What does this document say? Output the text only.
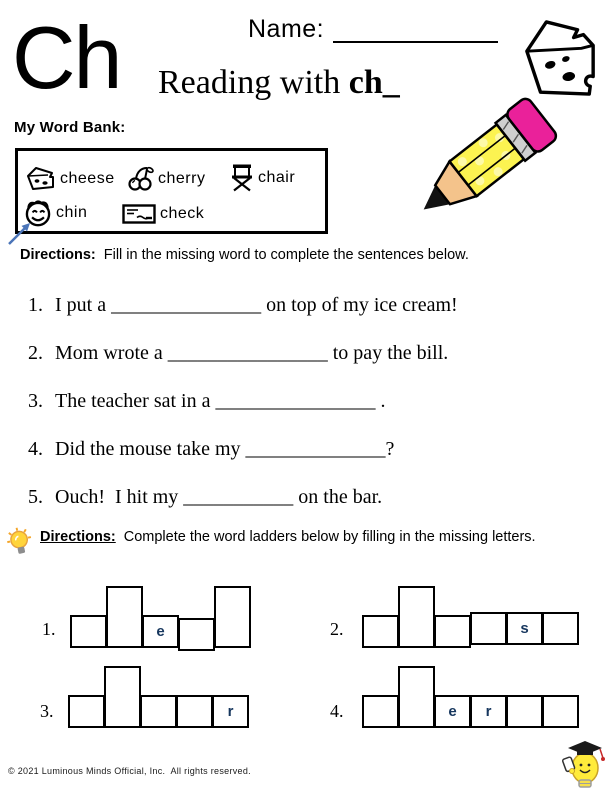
Ch	Name:
Reading with ch_
My Word Bank:
cheese	cherry	chair
chin	check
Directions: Fill in the missing word to complete the sentences below.
1. I put a _______________ on top of my ice cream!
2. Mom wrote a ________________ to pay the bill.
3. The teacher sat in a ________________ .
4. Did the mouse take my ______________?
5. Ouch!  I hit my ___________ on the bar.
Directions: Complete the word ladders below by filling in the missing letters.
1.	e	2.	s
3.	r	4.	e r
© 2021 Luminous Minds Official, Inc.  All rights reserved.
